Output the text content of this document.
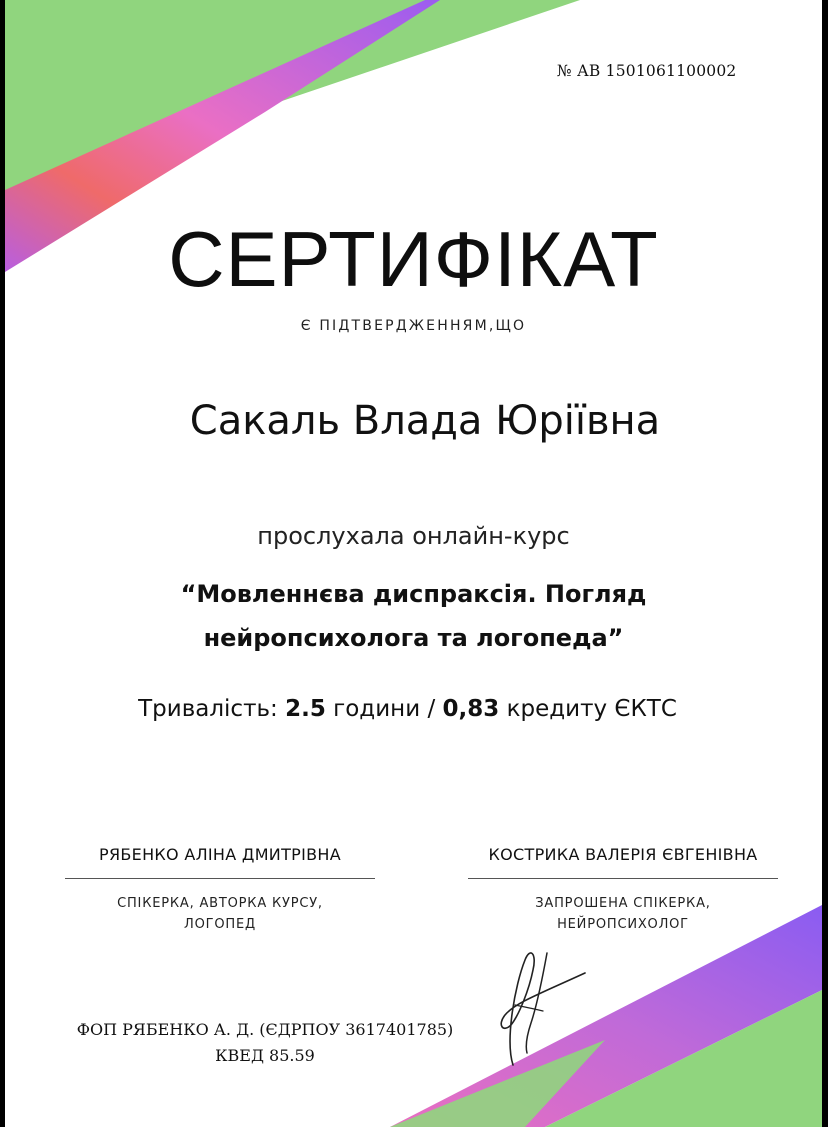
№ АВ 1501061100002
СЕРТИФІКАТ
Є ПІДТВЕРДЖЕННЯМ,ЩО
Сакаль Влада Юріївна
прослухала онлайн-курс
“Мовленнєва диспраксія. Погляд
нейропсихолога та логопеда”
Тривалість: 2.5 години / 0,83 кредиту ЄКТС
РЯБЕНКО АЛІНА ДМИТРІВНА
СПІКЕРКА, АВТОРКА КУРСУ,
ЛОГОПЕД
КОСТРИКА ВАЛЕРІЯ ЄВГЕНІВНА
ЗАПРОШЕНА СПІКЕРКА,
НЕЙРОПСИХОЛОГ
ФОП РЯБЕНКО А. Д. (ЄДРПОУ 3617401785)
КВЕД 85.59
